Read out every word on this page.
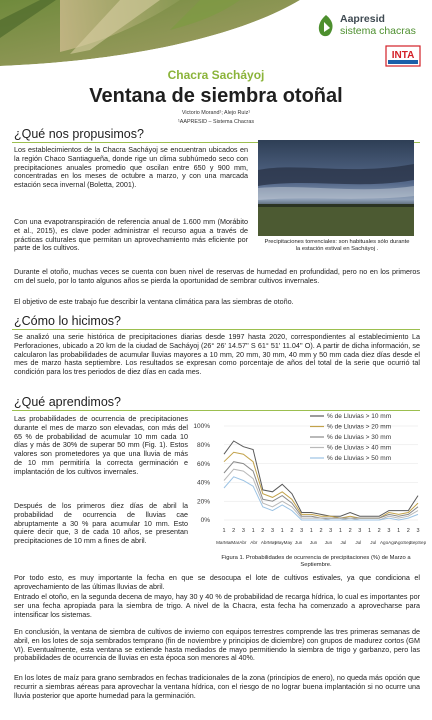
Aapresid
sistema chacras
INTA
Chacra Sacháyoj
Ventana de siembra otoñal
Victorio Morand¹; Alejo Ruiz¹
¹AAPRESID – Sistema Chacras
¿Qué nos propusimos?

Los establecimientos de la Chacra Sacháyoj se encuentran ubicados en la región Chaco Santiagueña, donde rige un clima subhúmedo seco con precipitaciones anuales promedio que oscilan entre 650 y 900 mm, concentradas en los meses de octubre a marzo, y con una marcada estación seca invernal (Boletta, 2001).

Con una evapotranspiración de referencia anual de 1.600 mm (Morábito et al., 2015), es clave poder administrar el recurso agua a través de prácticas culturales que permitan un aprovechamiento más eficiente por parte de los cultivos.

Precipitaciones torrenciales: son habituales sólo durante la estación estival en Sacháyoj .

Durante el otoño, muchas veces se cuenta con buen nivel de reservas de humedad en profundidad, pero no en los primeros cm del suelo, por lo tanto algunos años se pierda la oportunidad de sembrar cultivos invernales.

El objetivo de este trabajo fue describir la ventana climática para las siembras de otoño.

¿Cómo lo hicimos?

Se analizó una serie histórica de precipitaciones diarias desde 1997 hasta 2020, correspondientes al establecimiento La Perforaciones, ubicado a 20 km de la ciudad de Sacháyoj (26° 26' 14.57'' S 61° 51' 11.04'' O). A partir de dicha información, se calcularon las probabilidades de acumular lluvias mayores a 10 mm, 20 mm, 30 mm, 40 mm y 50 mm cada diez días desde el mes de marzo hasta septiembre. Los resultados se expresan como porcentaje de años del total de la serie que ocurrió tal condición para los tres periodos de diez días en cada mes.

¿Qué aprendimos?

Las probabilidades de ocurrencia de precipitaciones durante el mes de marzo son elevadas, con más del 65 % de probabilidad de acumular 10 mm cada 10 días y más de 30% de superar 50 mm (Fig. 1). Estos valores son prometedores ya que una lluvia de más de 10 mm permitiría la correcta germinación e implantación de los cultivos invernales.

Después de los primeros diez días de abril la probabilidad de ocurrencia de lluvias cae abruptamente a 30 % para acumular 10 mm. Esto quiere decir que, 3 de cada 10 años, se presentan precipitaciones de 10 mm a fines de abril.

0%
20%
40%
60%
80%
100%
1 2 3 1 2 3 1 2 3 1 2 3 1 2 3 1 2 3 1 2 3
MarMar MarAbr Abr AbrMay
MayMay Jun Jun Jun Jul Jul Jul AgoAgo
AgoSep
SepSep
% de Lluvias > 10 mm
% de Lluvias > 20 mm
% de Lluvias > 30 mm
% de Lluvias > 40 mm
% de Lluvias > 50 mm
Figura 1. Probabilidades de ocurrencia de precipitaciones (%) de Marzo a Septiembre.

Por todo esto, es muy importante la fecha en que se desocupa el lote de cultivos estivales, ya que condiciona el aprovechamiento de las últimas lluvias de abril.

Entrado el otoño, en la segunda decena de mayo, hay 30 y 40 % de probabilidad de recarga hídrica, lo cual es importantes por ser una fecha apropiada para la siembra de trigo. A nivel de la Chacra, esta fecha ha comenzado a aprovecharse para intensificar los sistemas.

En conclusión, la ventana de siembra de cultivos de invierno con equipos terrestres comprende las tres primeras semanas de abril, en los lotes de soja sembrados temprano (fin de noviembre y principios de diciembre) con grupos de madurez cortos (GM VI). Eventualmente, esta ventana se extiende hasta mediados de mayo permitiendo la siembra de trigo y garbanzo, pero las probabilidades de ocurrencia de lluvias en esta época son menores al 40%.

En los lotes de maíz para grano sembrados en fechas tradicionales de la zona (principios de enero), no queda más opción que recurrir a siembras aéreas para aprovechar la ventana hídrica, con el riesgo de no lograr buena implantación si no ocurre una lluvia posterior que aporte humedad para la germinación.
